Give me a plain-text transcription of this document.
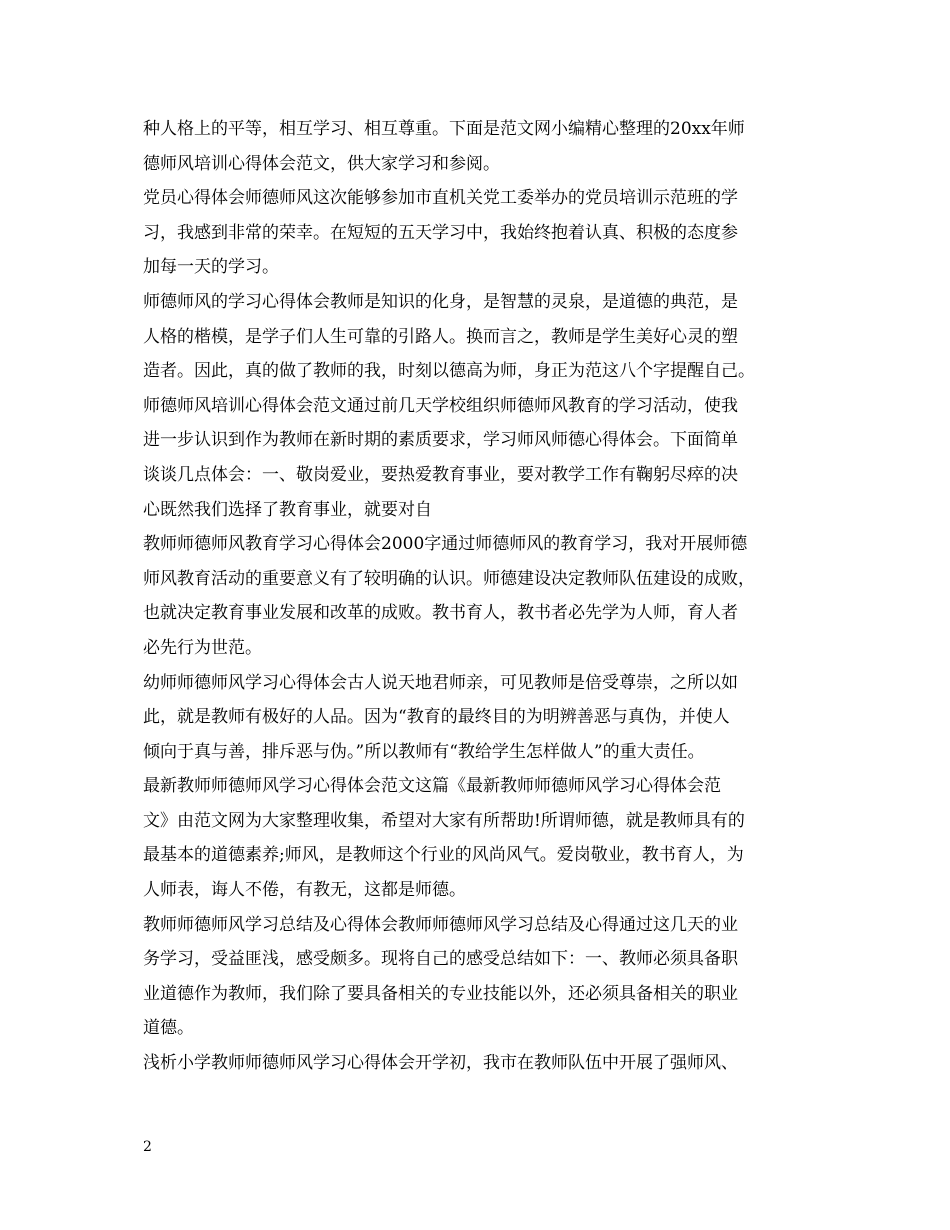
种人格上的平等，相互学习、相互尊重。下面是范文网小编精心整理的20xx年师
德师风培训心得体会范文，供大家学习和参阅。
党员心得体会师德师风这次能够参加市直机关党工委举办的党员培训示范班的学
习，我感到非常的荣幸。在短短的五天学习中，我始终抱着认真、积极的态度参
加每一天的学习。
师德师风的学习心得体会教师是知识的化身，是智慧的灵泉，是道德的典范，是
人格的楷模，是学子们人生可靠的引路人。换而言之，教师是学生美好心灵的塑
造者。因此，真的做了教师的我，时刻以德高为师，身正为范这八个字提醒自己。
师德师风培训心得体会范文通过前几天学校组织师德师风教育的学习活动，使我
进一步认识到作为教师在新时期的素质要求，学习师风师德心得体会。下面简单
谈谈几点体会：一、敬岗爱业，要热爱教育事业，要对教学工作有鞠躬尽瘁的决
心既然我们选择了教育事业，就要对自
教师师德师风教育学习心得体会2000字通过师德师风的教育学习，我对开展师德
师风教育活动的重要意义有了较明确的认识。师德建设决定教师队伍建设的成败，
也就决定教育事业发展和改革的成败。教书育人，教书者必先学为人师，育人者
必先行为世范。
幼师师德师风学习心得体会古人说天地君师亲，可见教师是倍受尊崇，之所以如
此，就是教师有极好的人品。因为“教育的最终目的为明辨善恶与真伪，并使人
倾向于真与善，排斥恶与伪。”所以教师有“教给学生怎样做人”的重大责任。
最新教师师德师风学习心得体会范文这篇《最新教师师德师风学习心得体会范
文》由范文网为大家整理收集，希望对大家有所帮助!所谓师德，就是教师具有的
最基本的道德素养;师风，是教师这个行业的风尚风气。爱岗敬业，教书育人，为
人师表，诲人不倦，有教无，这都是师德。
教师师德师风学习总结及心得体会教师师德师风学习总结及心得通过这几天的业
务学习，受益匪浅，感受颇多。现将自己的感受总结如下：一、教师必须具备职
业道德作为教师，我们除了要具备相关的专业技能以外，还必须具备相关的职业
道德。
浅析小学教师师德师风学习心得体会开学初，我市在教师队伍中开展了强师风、
2
